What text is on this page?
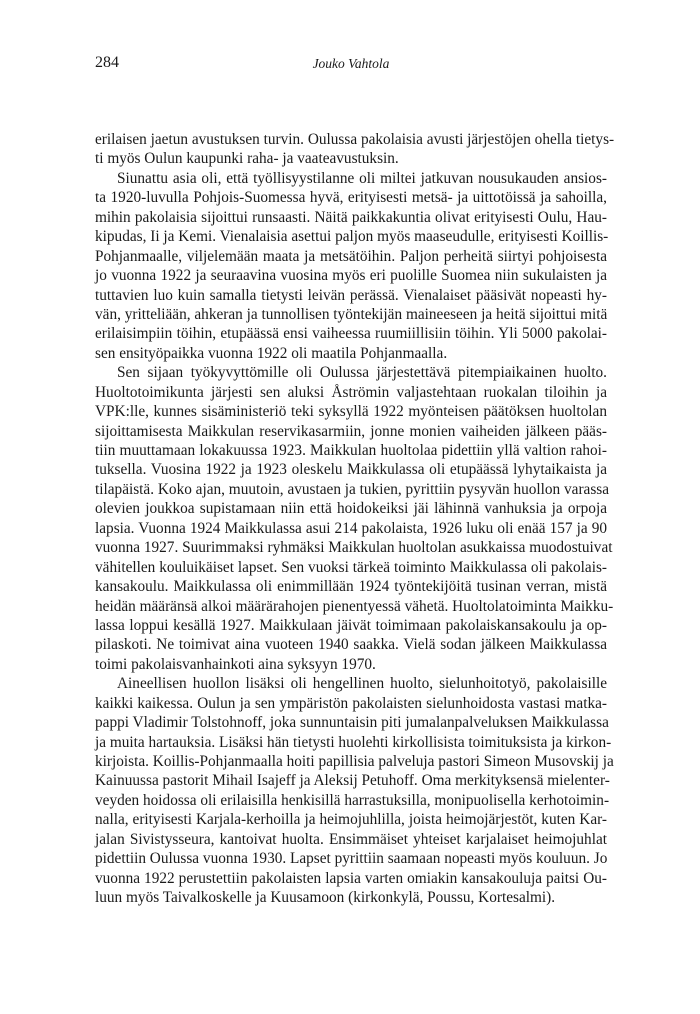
284	Jouko Vahtola
erilaisen jaetun avustuksen turvin. Oulussa pakolaisia avusti järjestöjen ohella tietys-
ti myös Oulun kaupunki raha- ja vaateavustuksin.
Siunattu asia oli, että työllisyystilanne oli miltei jatkuvan nousukauden ansios-
ta 1920-luvulla Pohjois-Suomessa hyvä, erityisesti metsä- ja uittotöissä ja sahoilla,
mihin pakolaisia sijoittui runsaasti. Näitä paikkakuntia olivat erityisesti Oulu, Hau-
kipudas, Ii ja Kemi. Vienalaisia asettui paljon myös maaseudulle, erityisesti Koillis-
Pohjanmaalle, viljelemään maata ja metsätöihin. Paljon perheitä siirtyi pohjoisesta
jo vuonna 1922 ja seuraavina vuosina myös eri puolille Suomea niin sukulaisten ja
tuttavien luo kuin samalla tietysti leivän perässä. Vienalaiset pääsivät nopeasti hy-
vän, yritteliään, ahkeran ja tunnollisen työntekijän maineeseen ja heitä sijoittui mitä
erilaisimpiin töihin, etupäässä ensi vaiheessa ruumiillisiin töihin. Yli 5000 pakolai-
sen ensityöpaikka vuonna 1922 oli maatila Pohjanmaalla.
Sen sijaan työkyvyttömille oli Oulussa järjestettävä pitempiaikainen huolto.
Huoltotoimikunta järjesti sen aluksi Åströmin valjastehtaan ruokalan tiloihin ja
VPK:lle, kunnes sisäministeriö teki syksyllä 1922 myönteisen päätöksen huoltolan
sijoittamisesta Maikkulan reservikasarmiin, jonne monien vaiheiden jälkeen pääs-
tiin muuttamaan lokakuussa 1923. Maikkulan huoltolaa pidettiin yllä valtion rahoi-
tuksella. Vuosina 1922 ja 1923 oleskelu Maikkulassa oli etupäässä lyhytaikaista ja
tilapäistä. Koko ajan, muutoin, avustaen ja tukien, pyrittiin pysyvän huollon varassa
olevien joukkoa supistamaan niin että hoidokeiksi jäi lähinnä vanhuksia ja orpoja
lapsia. Vuonna 1924 Maikkulassa asui 214 pakolaista, 1926 luku oli enää 157 ja 90
vuonna 1927. Suurimmaksi ryhmäksi Maikkulan huoltolan asukkaissa muodostuivat
vähitellen kouluikäiset lapset. Sen vuoksi tärkeä toiminto Maikkulassa oli pakolais-
kansakoulu. Maikkulassa oli enimmillään 1924 työntekijöitä tusinan verran, mistä
heidän määränsä alkoi määrärahojen pienentyessä vähetä. Huoltolatoiminta Maikku-
lassa loppui kesällä 1927. Maikkulaan jäivät toimimaan pakolaiskansakoulu ja op-
pilaskoti. Ne toimivat aina vuoteen 1940 saakka. Vielä sodan jälkeen Maikkulassa
toimi pakolaisvanhainkoti aina syksyyn 1970.
Aineellisen huollon lisäksi oli hengellinen huolto, sielunhoitotyö, pakolaisille
kaikki kaikessa. Oulun ja sen ympäristön pakolaisten sielunhoidosta vastasi matka-
pappi Vladimir Tolstohnoff, joka sunnuntaisin piti jumalanpalveluksen Maikkulassa
ja muita hartauksia. Lisäksi hän tietysti huolehti kirkollisista toimituksista ja kirkon-
kirjoista. Koillis-Pohjanmaalla hoiti papillisia palveluja pastori Simeon Musovskij ja
Kainuussa pastorit Mihail Isajeff ja Aleksij Petuhoff. Oma merkityksensä mielenter-
veyden hoidossa oli erilaisilla henkisillä harrastuksilla, monipuolisella kerhotoimin-
nalla, erityisesti Karjala-kerhoilla ja heimojuhlilla, joista heimojärjestöt, kuten Kar-
jalan Sivistysseura, kantoivat huolta. Ensimmäiset yhteiset karjalaiset heimojuhlat
pidettiin Oulussa vuonna 1930. Lapset pyrittiin saamaan nopeasti myös kouluun. Jo
vuonna 1922 perustettiin pakolaisten lapsia varten omiakin kansakouluja paitsi Ou-
luun myös Taivalkoskelle ja Kuusamoon (kirkonkylä, Poussu, Kortesalmi).
